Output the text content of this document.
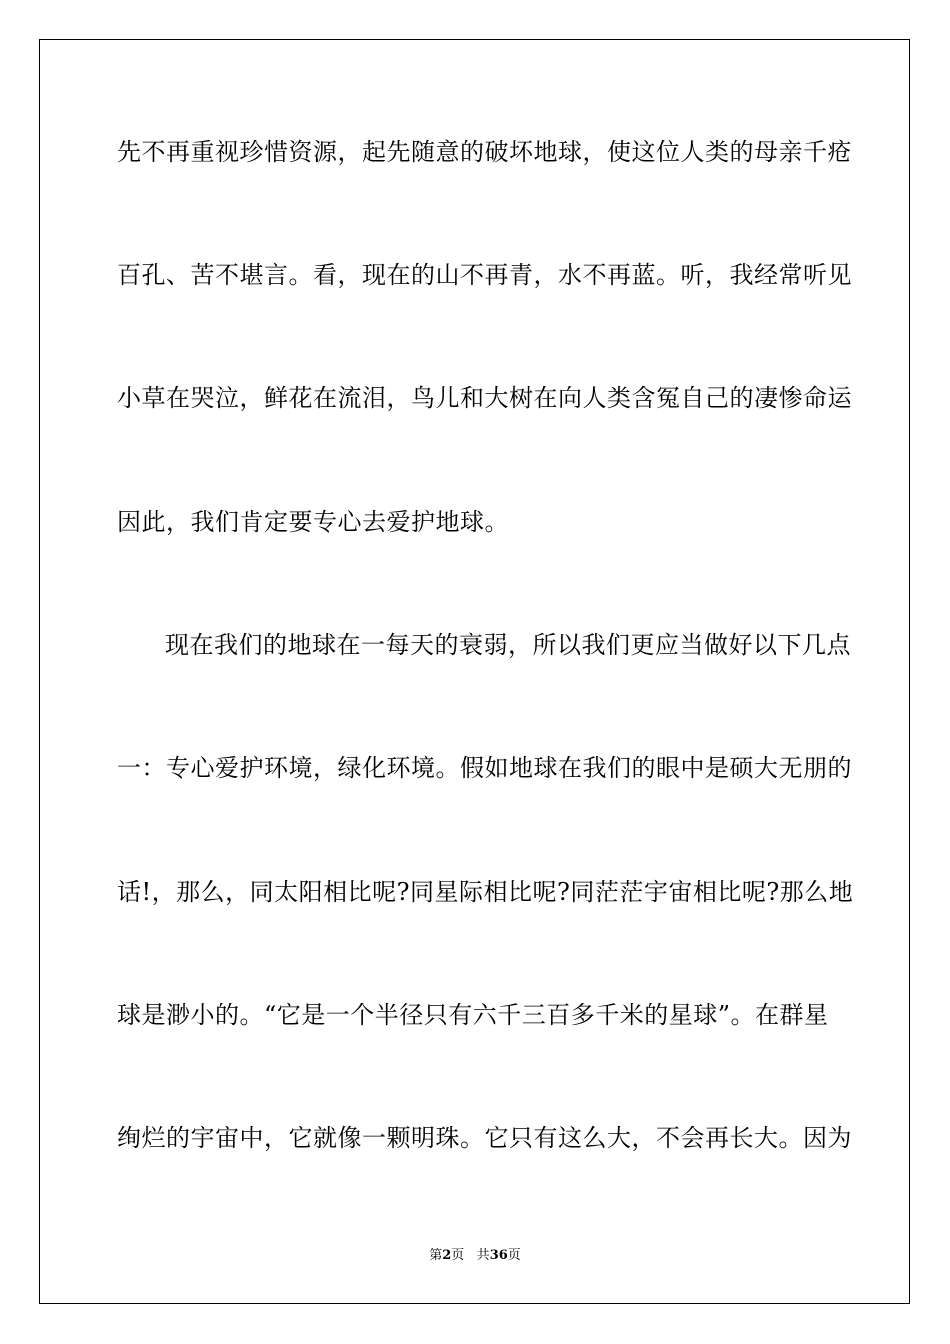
先不再重视珍惜资源，起先随意的破坏地球，使这位人类的母亲千疮
百孔、苦不堪言。看，现在的山不再青，水不再蓝。听，我经常听见
小草在哭泣，鲜花在流泪，鸟儿和大树在向人类含冤自己的凄惨命运
因此，我们肯定要专心去爱护地球。
现在我们的地球在一每天的衰弱，所以我们更应当做好以下几点
一：专心爱护环境，绿化环境。假如地球在我们的眼中是硕大无朋的
话!，那么，同太阳相比呢?同星际相比呢?同茫茫宇宙相比呢?那么地
球是渺小的。“它是一个半径只有六千三百多千米的星球”。在群星
绚烂的宇宙中，它就像一颗明珠。它只有这么大，不会再长大。因为
第2页 共36页
